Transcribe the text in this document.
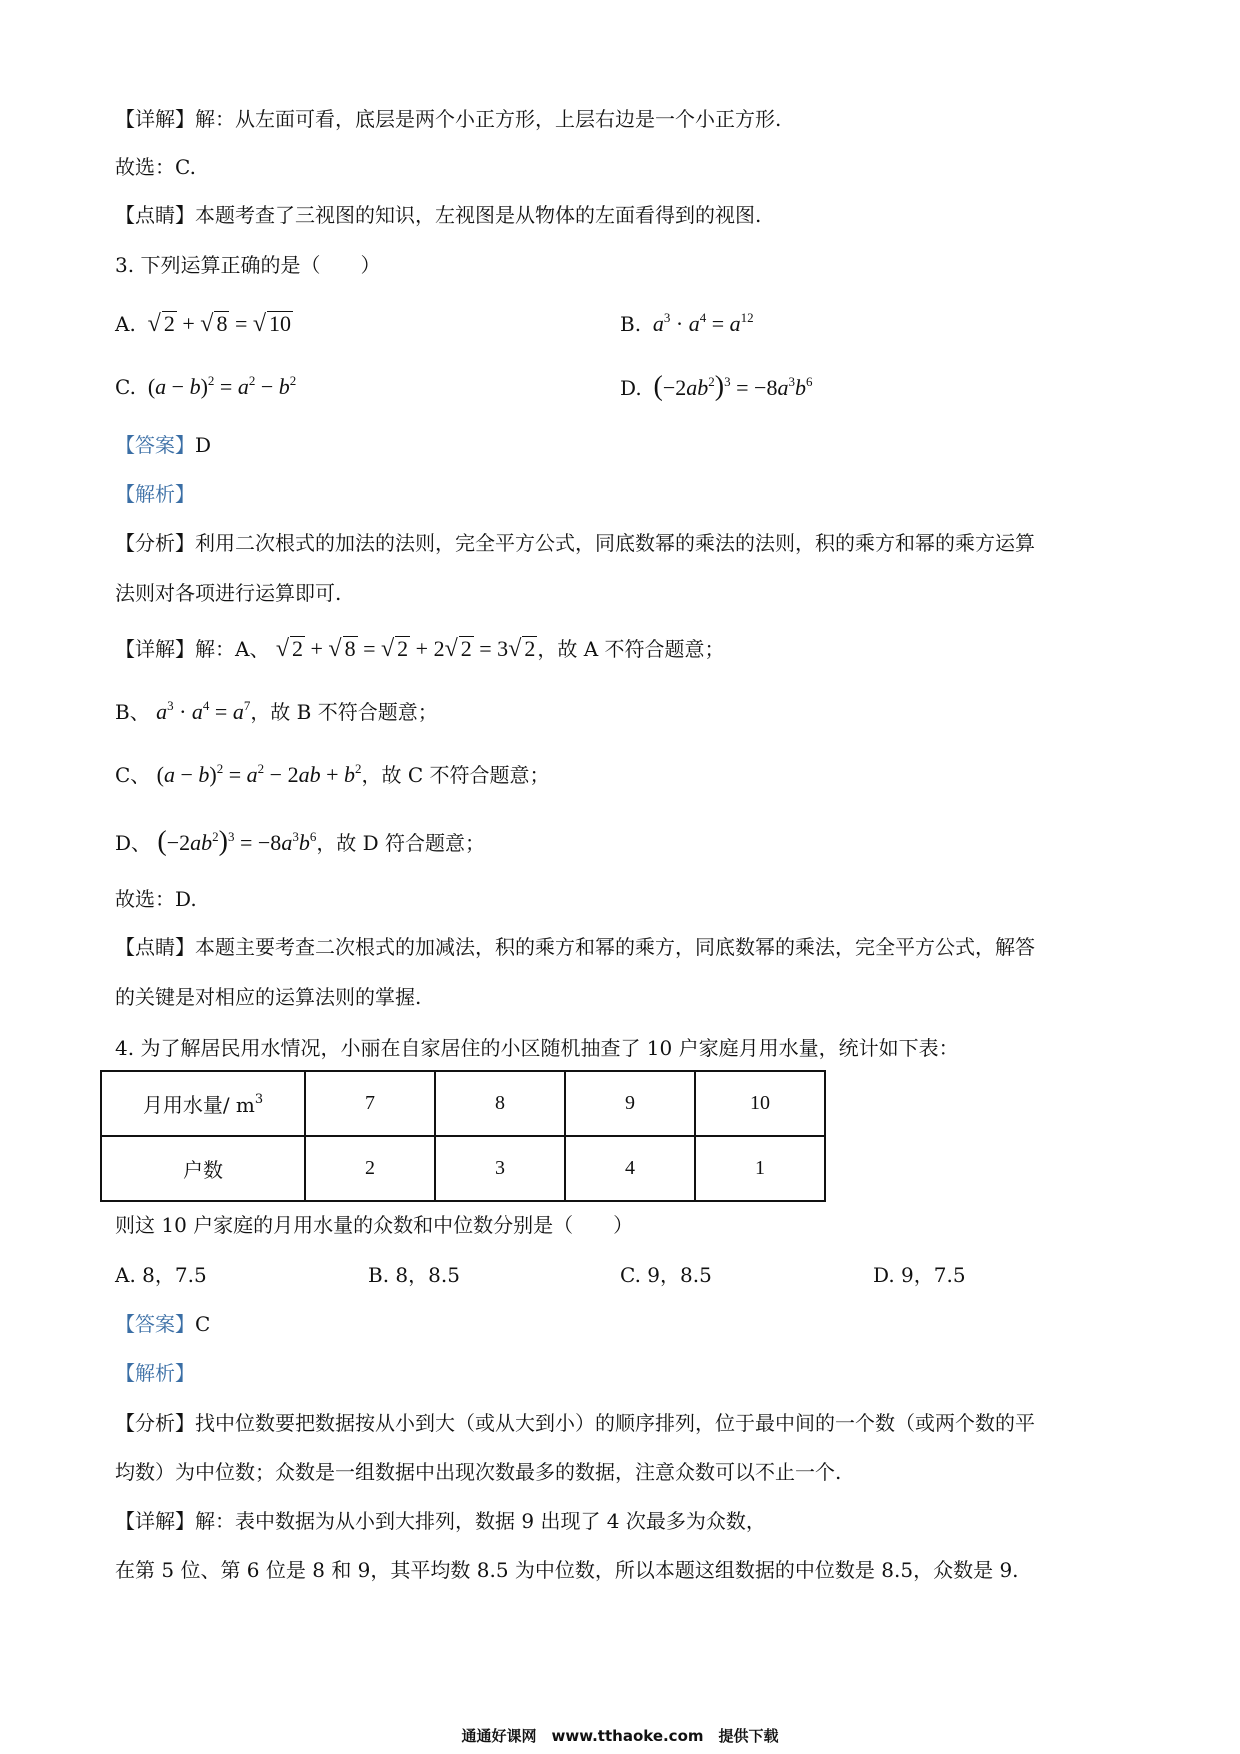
【详解】解：从左面可看，底层是两个小正方形，上层右边是一个小正方形.
故选：C.
【点睛】本题考查了三视图的知识，左视图是从物体的左面看得到的视图.
3. 下列运算正确的是（　　）
A. √ 2 + √ 8 = √ 10	B. $a^3 \cdot a^4 = a^{12}$
C.  $(a - b)^2 = a^2 - b^2$	D. $(-2ab^2)^3 = -8a^3b^6$
【答案】D
【解析】
【分析】利用二次根式的加法的法则，完全平方公式，同底数幂的乘法的法则，积的乘方和幂的乘方运算
法则对各项进行运算即可.
【详解】解：A、 √ 2 + √ 8 = √ 2 + 2√ 2 = 3√ 2 ，故 A 不符合题意；
B、 $a^3 \cdot a^4 = a^7$，故 B 不符合题意；
C、 $(a - b)^2 = a^2 - 2ab + b^2$，故 C 不符合题意；
D、 $(-2ab^2)^3 = -8a^3b^6$，故 D 符合题意；
故选：D.
【点睛】本题主要考查二次根式的加减法，积的乘方和幂的乘方，同底数幂的乘法，完全平方公式，解答
的关键是对相应的运算法则的掌握.
4. 为了解居民用水情况，小丽在自家居住的小区随机抽查了 10 户家庭月用水量，统计如下表：
月用水量/ $m^3$	7	8	9	10
户数	2	3	4	1
则这 10 户家庭的月用水量的众数和中位数分别是（　　）
A. 8，7.5	B. 8，8.5	C. 9，8.5	D. 9，7.5
【答案】C
【解析】
【分析】找中位数要把数据按从小到大（或从大到小）的顺序排列，位于最中间的一个数（或两个数的平
均数）为中位数；众数是一组数据中出现次数最多的数据，注意众数可以不止一个.
【详解】解：表中数据为从小到大排列，数据 9 出现了 4 次最多为众数，
在第 5 位、第 6 位是 8 和 9，其平均数 8.5 为中位数，所以本题这组数据的中位数是 8.5，众数是 9.
通通好课网　www.tthaoke.com　提供下载
